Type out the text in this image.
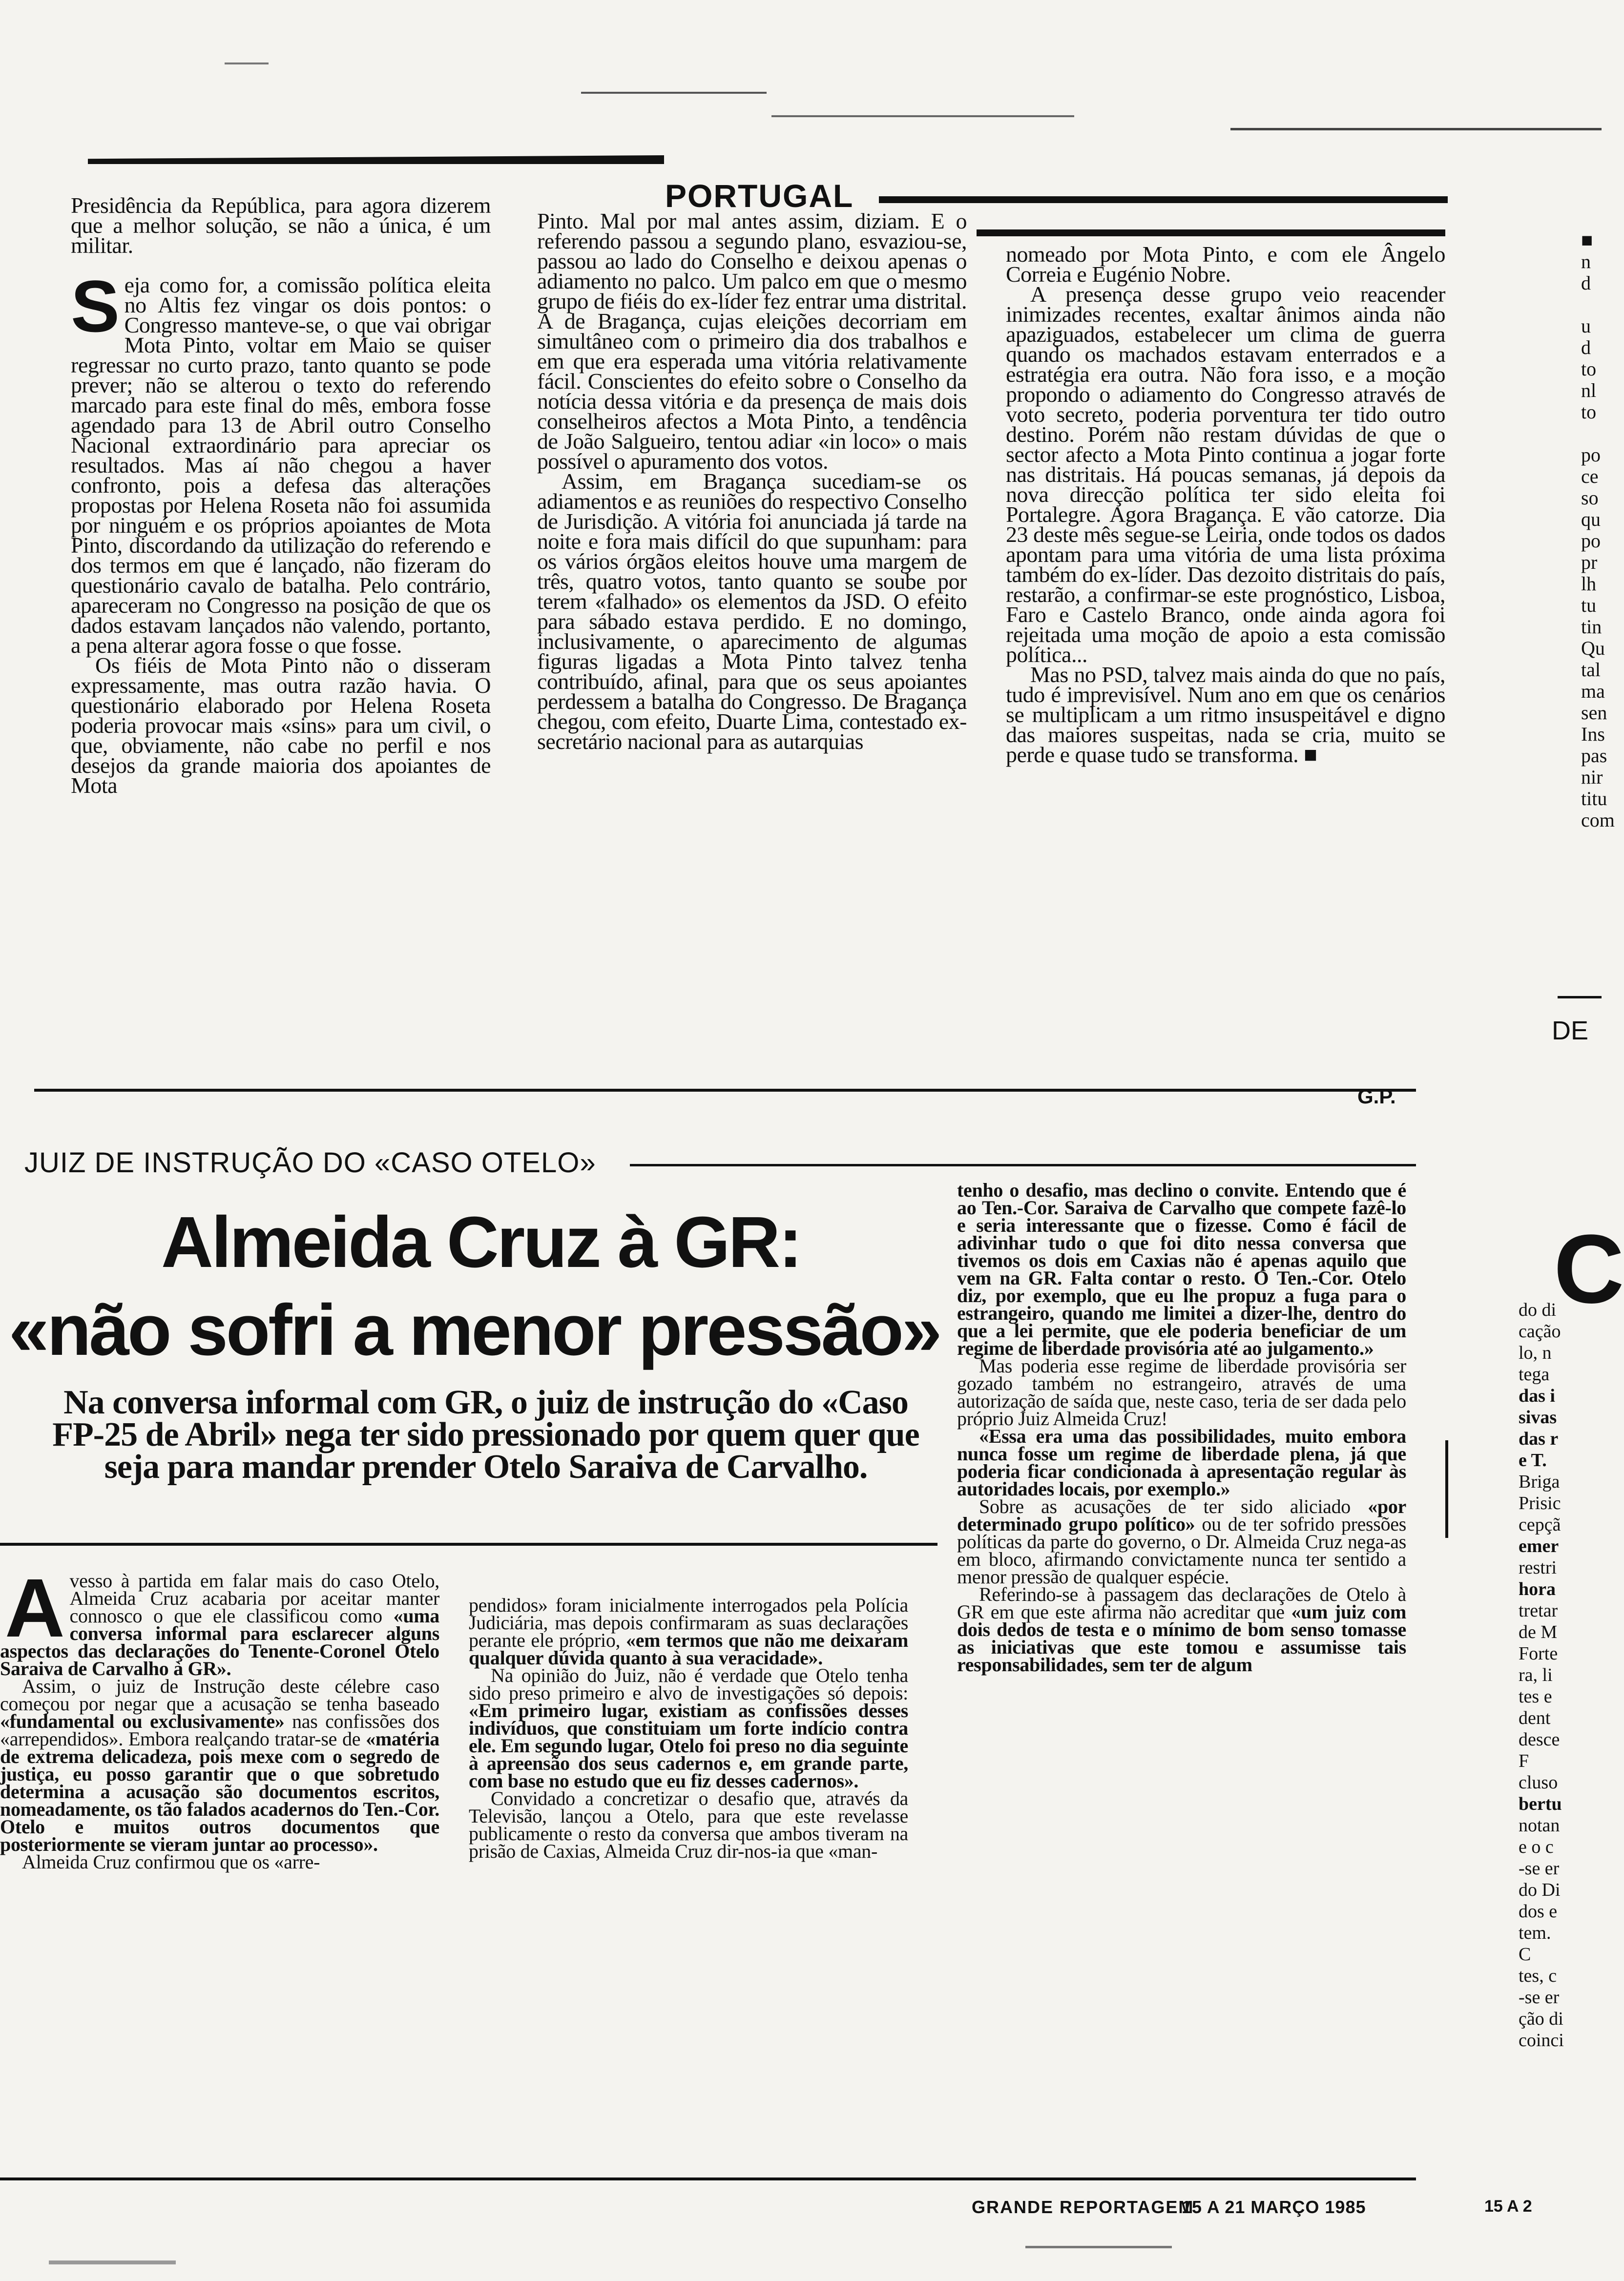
PORTUGAL

Presidência da República, para agora dizerem que a melhor solução, se não a única, é um militar.

Seja como for, a comissão política eleita no Altis fez vingar os dois pontos: o Congresso manteve-se, o que vai obrigar Mota Pinto, voltar em Maio se quiser regressar no curto prazo, tanto quanto se pode prever; não se alterou o texto do referendo marcado para este final do mês, embora fosse agendado para 13 de Abril outro Conselho Nacional extraordinário para apreciar os resultados. Mas aí não chegou a haver confronto, pois a defesa das alterações propostas por Helena Roseta não foi assumida por ninguém e os próprios apoiantes de Mota Pinto, discordando da utilização do referendo e dos termos em que é lançado, não fizeram do questionário cavalo de batalha. Pelo contrário, apareceram no Congresso na posição de que os dados estavam lançados não valendo, portanto, a pena alterar agora fosse o que fosse.

Os fiéis de Mota Pinto não o disseram expressamente, mas outra razão havia. O questionário elaborado por Helena Roseta poderia provocar mais «sins» para um civil, o que, obviamente, não cabe no perfil e nos desejos da grande maioria dos apoiantes de Mota

Pinto. Mal por mal antes assim, diziam. E o referendo passou a segundo plano, esvaziou-se, passou ao lado do Conselho e deixou apenas o adiamento no palco. Um palco em que o mesmo grupo de fiéis do ex-líder fez entrar uma distrital. A de Bragança, cujas eleições decorriam em simultâneo com o primeiro dia dos trabalhos e em que era esperada uma vitória relativamente fácil. Conscientes do efeito sobre o Conselho da notícia dessa vitória e da presença de mais dois conselheiros afectos a Mota Pinto, a tendência de João Salgueiro, tentou adiar «in loco» o mais possível o apuramento dos votos.

Assim, em Bragança sucediam-se os adiamentos e as reuniões do respectivo Conselho de Jurisdição. A vitória foi anunciada já tarde na noite e fora mais difícil do que supunham: para os vários órgãos eleitos houve uma margem de três, quatro votos, tanto quanto se soube por terem «falhado» os elementos da JSD. O efeito para sábado estava perdido. E no domingo, inclusivamente, o aparecimento de algumas figuras ligadas a Mota Pinto talvez tenha contribuído, afinal, para que os seus apoiantes perdessem a batalha do Congresso. De Bragança chegou, com efeito, Duarte Lima, contestado ex-secretário nacional para as autarquias

nomeado por Mota Pinto, e com ele Ângelo Correia e Eugénio Nobre.

A presença desse grupo veio reacender inimizades recentes, exaltar ânimos ainda não apaziguados, estabelecer um clima de guerra quando os machados estavam enterrados e a estratégia era outra. Não fora isso, e a moção propondo o adiamento do Congresso através de voto secreto, poderia porventura ter tido outro destino. Porém não restam dúvidas de que o sector afecto a Mota Pinto continua a jogar forte nas distritais. Há poucas semanas, já depois da nova direcção política ter sido eleita foi Portalegre. Agora Bragança. E vão catorze. Dia 23 deste mês segue-se Leiria, onde todos os dados apontam para uma vitória de uma lista próxima também do ex-líder. Das dezoito distritais do país, restarão, a confirmar-se este prognóstico, Lisboa, Faro e Castelo Branco, onde ainda agora foi rejeitada uma moção de apoio a esta comissão política...

Mas no PSD, talvez mais ainda do que no país, tudo é imprevisível. Num ano em que os cenários se multiplicam a um ritmo insuspeitável e digno das maiores suspeitas, nada se cria, muito se perde e quase tudo se transforma. ■

G.P.
JUIZ DE INSTRUÇÃO DO «CASO OTELO»
Almeida Cruz à GR:
«não sofri a menor pressão»
Na conversa informal com GR, o juiz de instrução do «Caso FP-25 de Abril» nega ter sido pressionado por quem quer que seja para mandar prender Otelo Saraiva de Carvalho.

Avesso à partida em falar mais do caso Otelo, Almeida Cruz acabaria por aceitar manter connosco o que ele classificou como «uma conversa informal para esclarecer alguns aspectos das declarações do Tenente-Coronel Otelo Saraiva de Carvalho à GR».

Assim, o juiz de Instrução deste célebre caso começou por negar que a acusação se tenha baseado «fundamental ou exclusivamente» nas confissões dos «arrependidos». Embora realçando tratar-se de «matéria de extrema delicadeza, pois mexe com o segredo de justiça, eu posso garantir que o que sobretudo determina a acusação são documentos escritos, nomeadamente, os tão falados acadernos do Ten.-Cor. Otelo e muitos outros documentos que posteriormente se vieram juntar ao processo».

Almeida Cruz confirmou que os «arre-

pendidos» foram inicialmente interrogados pela Polícia Judiciária, mas depois confirmaram as suas declarações perante ele próprio, «em termos que não me deixaram qualquer dúvida quanto à sua veracidade».

Na opinião do Juiz, não é verdade que Otelo tenha sido preso primeiro e alvo de investigações só depois: «Em primeiro lugar, existiam as confissões desses indivíduos, que constituiam um forte indício contra ele. Em segundo lugar, Otelo foi preso no dia seguinte à apreensão dos seus cadernos e, em grande parte, com base no estudo que eu fiz desses cadernos».

Convidado a concretizar o desafio que, através da Televisão, lançou a Otelo, para que este revelasse publicamente o resto da conversa que ambos tiveram na prisão de Caxias, Almeida Cruz dir-nos-ia que «man-

tenho o desafio, mas declino o convite. Entendo que é ao Ten.-Cor. Saraiva de Carvalho que compete fazê-lo e seria interessante que o fizesse. Como é fácil de adivinhar tudo o que foi dito nessa conversa que tivemos os dois em Caxias não é apenas aquilo que vem na GR. Falta contar o resto. O Ten.-Cor. Otelo diz, por exemplo, que eu lhe propuz a fuga para o estrangeiro, quando me limitei a dizer-lhe, dentro do que a lei permite, que ele poderia beneficiar de um regime de liberdade provisória até ao julgamento.»

Mas poderia esse regime de liberdade provisória ser gozado também no estrangeiro, através de uma autorização de saída que, neste caso, teria de ser dada pelo próprio Juiz Almeida Cruz!

«Essa era uma das possibilidades, muito embora nunca fosse um regime de liberdade plena, já que poderia ficar condicionada à apresentação regular às autoridades locais, por exemplo.»

Sobre as acusações de ter sido aliciado «por determinado grupo político» ou de ter sofrido pressões políticas da parte do governo, o Dr. Almeida Cruz nega-as em bloco, afirmando convictamente nunca ter sentido a menor pressão de qualquer espécie.

Referindo-se à passagem das declarações de Otelo à GR em que este afirma não acreditar que «um juiz com dois dedos de testa e o mínimo de bom senso tomasse as iniciativas que este tomou e assumisse tais responsabilidades, sem ter de algum

GRANDE REPORTAGEM
15 A 21 MARÇO 1985
■
n
d
u
d
to
nl
to
po
ce
so
qu
po
pr
lh
tu
tin
Qu
tal
ma
sen
Ins
pas
nir
titu
com
DE
C
do di
cação
lo, n
tega
das i
sivas
das r
e T.
Briga
Prisic
cepçã
emer
restri
hora
tretar
de M
Forte
ra, li
tes e
dent
desce
F
cluso
bertu
notan
e o c
-se er
do Di
dos e
tem.
C
tes, c
-se er
ção di
coinci
15 A 2
